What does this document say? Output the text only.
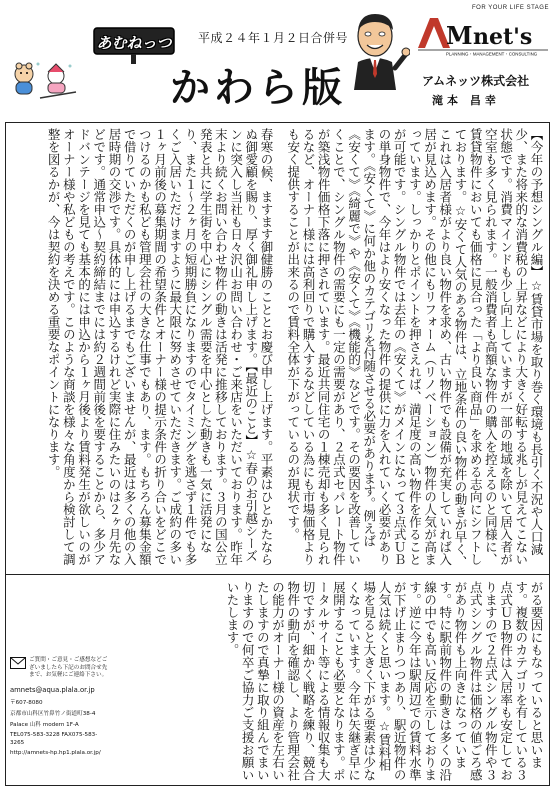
あむねっつ	平成２４年１月２日合併号
かわら版
FOR YOUR LIFE STAGE
M net's
PLANNING・MANAGEMENT・CONSULTING
アムネッツ株式会社
滝本 昌幸
春寒の候、ますます御健勝のこととお慶び申し上げます。平素はひとかたならぬ御愛顧を賜り、厚く御礼申し上げます。【最近のこと】☆春のお引越シーズンに突入し当社も日々沢山お問い合わせ・ご来店をいただいております。昨年末より続くお問い合わせ物件の動きは活発に推移しております。３月の国公立発表と共に学生街を中心にシングル需要を中心とした動きも一気に活発になり、また１～２ヶ月の短期勝負になりますのでタイミングを逃さず１件でも多くご入居いただけますように最大限に努めさせていただきます。ご成約の多い１ヶ月前後の募集期間の希望条件とオーナー様の提示条件の折り合いをどこでつけるのかも私ども管理会社の大きな仕事でもあり、ます。もちろん募集金額で借りていただくのが申し上げるまでもございませんが、最近は多くの他の入居時期の交渉です。具体的には申込するけれど実際に住みたいのは２ヶ月先などです。通常申込～契約締結までには約２週間前後を要することから、多少アドバンテージを見ても基本的には申込から１ヶ月後より賃料発生が欲しいのがオーナー様や私どもの考えです。このような商談を様々な角度から検討して調整を図るかが、今は契約を決める重要なポイントになります。	【今年の予想シングル編】☆賃貸市場を取り巻く環境も長引く不況や人口減少、また将来的な消費税の上昇などにより大きく好転する兆しが見えてこない状態です。消費マインドも少し向上していますが一部の地域を除いて居入者が空室も多く見られます。一般消費者も高額な物件の購入を控えるのと同様に、賃貸物件においても価格に見合った「より良い商品」を求める志向にシフトしております。☆安くて人気のある物件は、立地条件の良い物件の動きが早く、これは入居者様がより良い物件を求め、古い物件でも設備が充実していれば入居が見込めます。その他にもリフォーム（リノベーション）物件の人気が高まっています。しっかりとポイントを押さえれば、満足度の高い物件を作ることが可能です。シングル物件では去年の《安くて》がメインになって３点式ＵＢの単身物件で、今年はより安くなった物件の提供に力を入れていく必要があります。《安くて》に何か他のカテゴリを付随させる必要があります。例えば《安くて》《綺麗で》や《安くて》《機能的》などです。その要因を改善していくことで、シングル物件の需要にも一定の需要があり、２点式セパレート物件が築浅物件価格下落に押されています。最近共同住宅の１棟売却も多く見られるなど、オーナー様には高利回りで購入するなどしている為にも市場価格よりも安く提供することが出来るので賃料全体が下がっているのが現状です。
がる要因にもなっていると思います。複数のカテゴリを有している３点式ＵＢ物件は入居率も安定しておりますので２点式シングル物件や３点式シングル物件は価格の値ごろ感があり物件も上向きになっています。特に駅前物件の動きは多くの沿線の中でも高い反応を示しております。逆に今年は駅周辺での賃料水準が下げ止まりつつあり、駅近物件の人気は続くと思います。☆賃料相場を見ると大きく下がる要素は少なくなっています。今年は矢継ぎ早に展開することも必要となります。ポータルサイト等による情報収集も大切ですが、細かく戦略を練り、競合物件の動向を確認し、より管理会社の能力がオーナー様の資産を左右いたしますので真摯に取り組んでまいりますので何卒ご協力ご支援お願いいたします。

ご質問・ご意見・ご感想などございましたら下記のお問合せ先まで、お気軽にご連絡下さい。

amnets@aqua.plala.or.jp

〒607-8080

京都市山科区竹鼻竹ノ街道町38-4

Palace 山科 modern 1F-A

TEL075-583-3228 FAX075-583-3265

http://amnets-hp.hp1.plala.or.jp/
